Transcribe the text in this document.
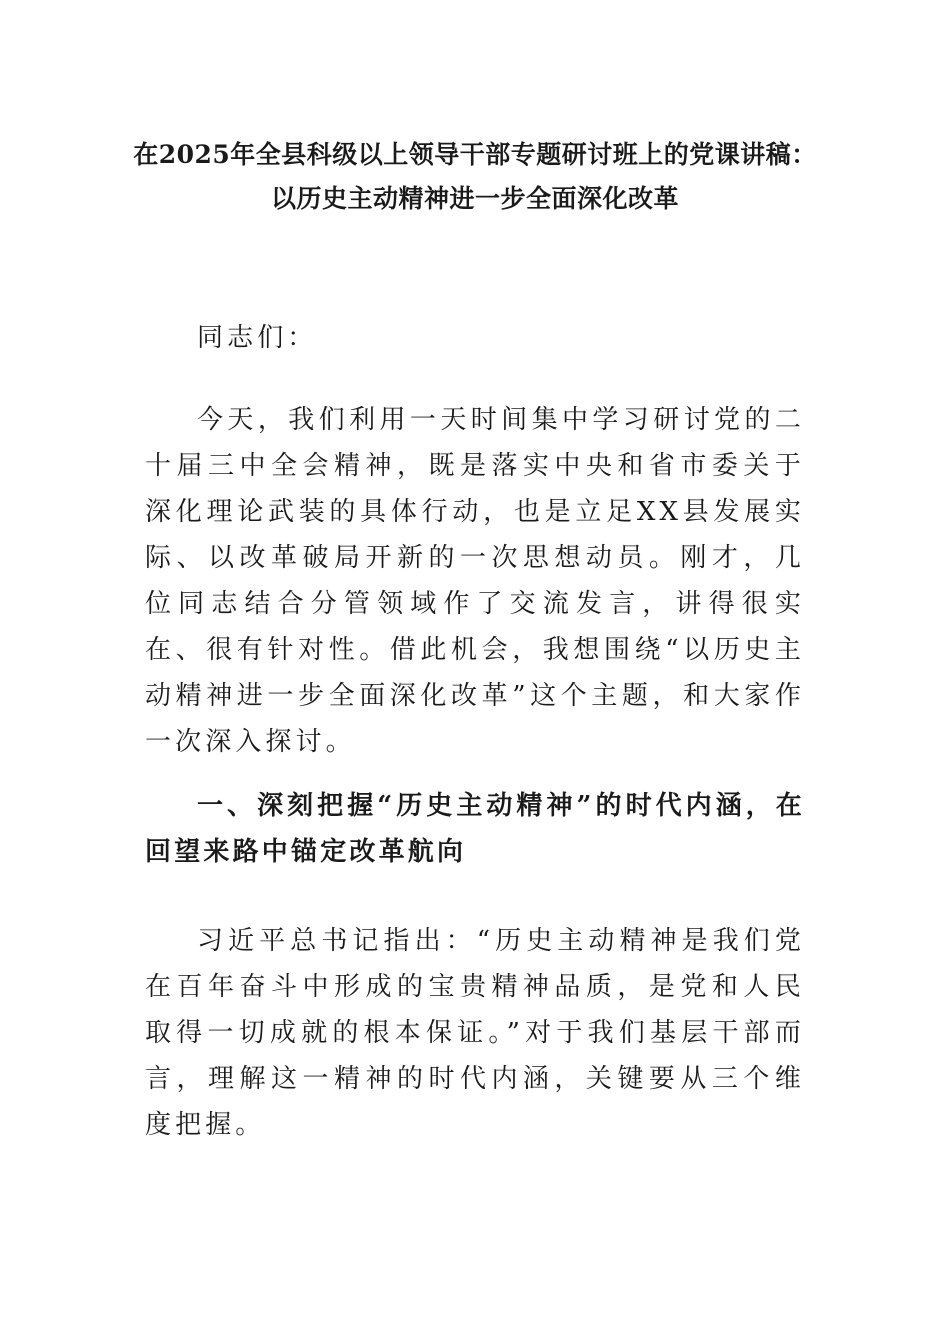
在2025年全县科级以上领导干部专题研讨班上的党课讲稿：
以历史主动精神进一步全面深化改革

同志们：

今天，我们利用一天时间集中学习研讨党的二十届三中全会精神，既是落实中央和省市委关于深化理论武装的具体行动，也是立足XX县发展实际、以改革破局开新的一次思想动员。刚才，几位同志结合分管领域作了交流发言，讲得很实在、很有针对性。借此机会，我想围绕“以历史主动精神进一步全面深化改革”这个主题，和大家作一次深入探讨。

一、深刻把握“历史主动精神”的时代内涵，在回望来路中锚定改革航向

习近平总书记指出：“历史主动精神是我们党在百年奋斗中形成的宝贵精神品质，是党和人民取得一切成就的根本保证。”对于我们基层干部而言，理解这一精神的时代内涵，关键要从三个维度把握。
